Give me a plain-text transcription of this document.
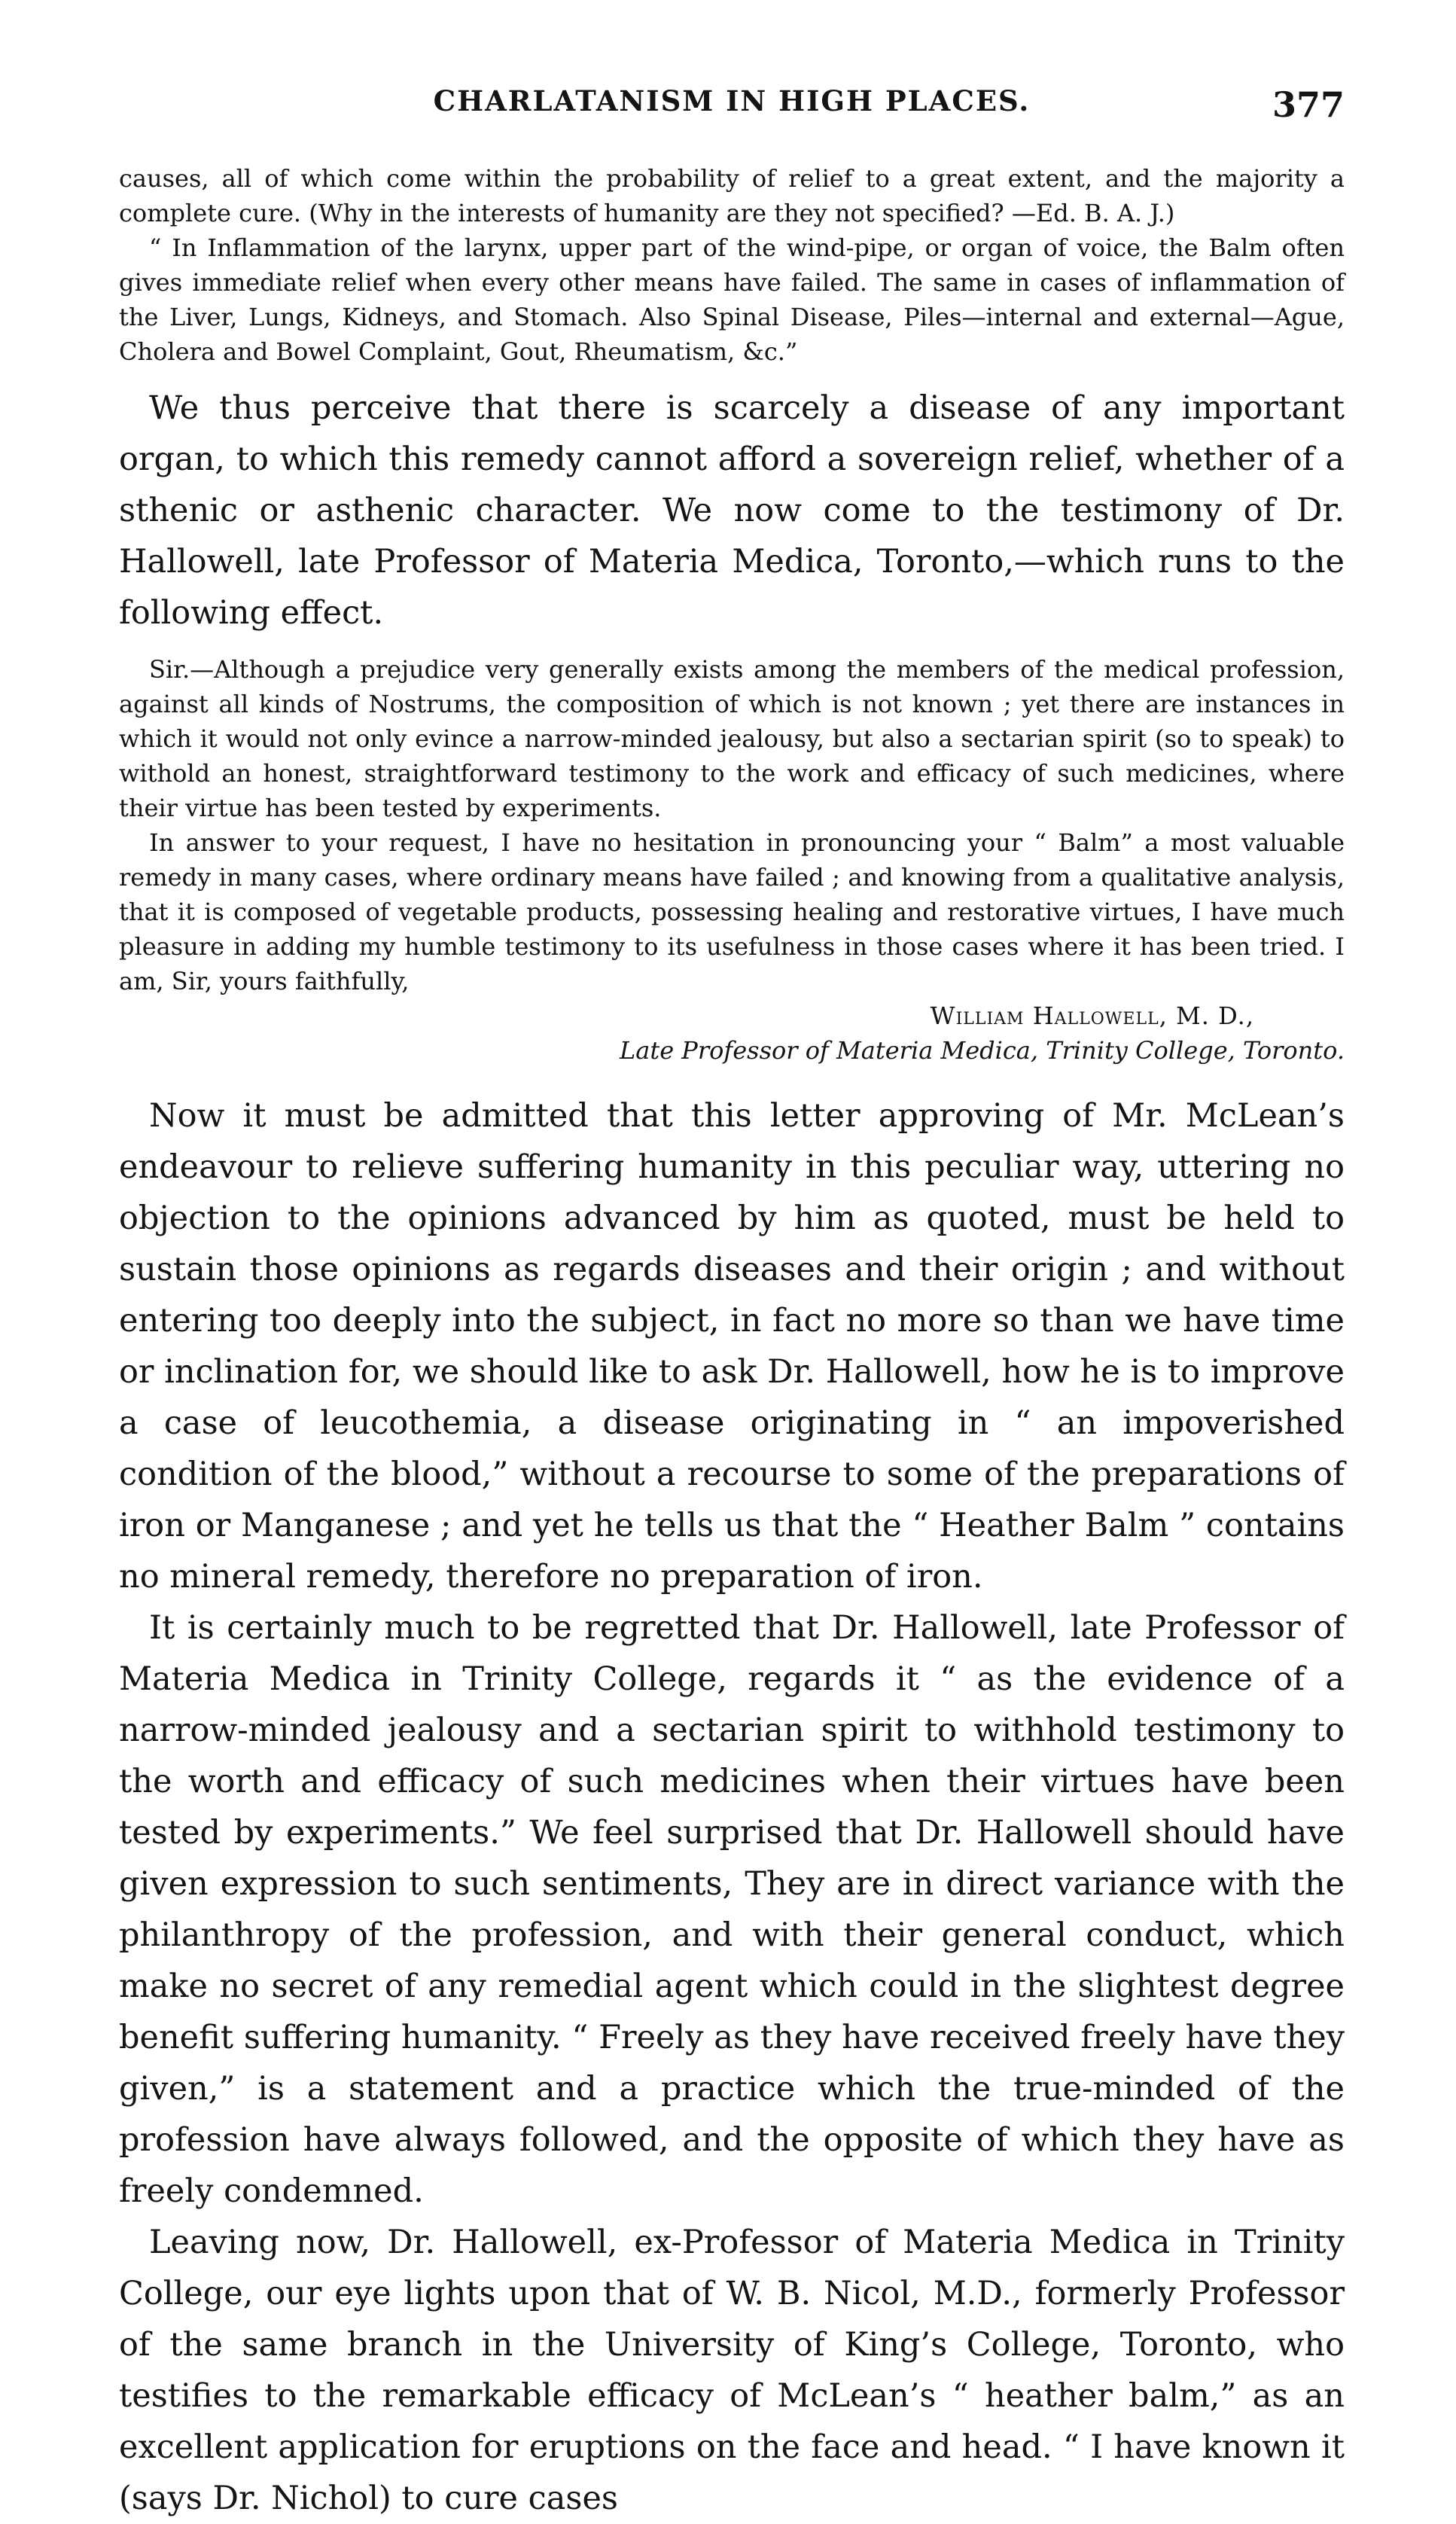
CHARLATANISM IN HIGH PLACES.	377

causes, all of which come within the probability of relief to a great extent, and the majority a complete cure. (Why in the interests of humanity are they not specified? —Ed. B. A. J.)

“ In Inflammation of the larynx, upper part of the wind-pipe, or organ of voice, the Balm often gives immediate relief when every other means have failed. The same in cases of inflammation of the Liver, Lungs, Kidneys, and Stomach. Also Spinal Disease, Piles—internal and external—Ague, Cholera and Bowel Complaint, Gout, Rheumatism, &c.”

We thus perceive that there is scarcely a disease of any important organ, to which this remedy cannot afford a sovereign relief, whether of a sthenic or asthenic character. We now come to the testimony of Dr. Hallowell, late Professor of Materia Medica, Toronto,—which runs to the following effect.

Sir.—Although a prejudice very generally exists among the members of the medical profession, against all kinds of Nostrums, the composition of which is not known ; yet there are instances in which it would not only evince a narrow-minded jealousy, but also a sectarian spirit (so to speak) to withold an honest, straightforward testimony to the work and efficacy of such medicines, where their virtue has been tested by experiments.

In answer to your request, I have no hesitation in pronouncing your “ Balm” a most valuable remedy in many cases, where ordinary means have failed ; and knowing from a qualitative analysis, that it is composed of vegetable products, possessing healing and restorative virtues, I have much pleasure in adding my humble testimony to its usefulness in those cases where it has been tried. I am, Sir, yours faithfully,

William Hallowell, M. D.,
Late Professor of Materia Medica, Trinity College, Toronto.

Now it must be admitted that this letter approving of Mr. McLean’s endeavour to relieve suffering humanity in this peculiar way, uttering no objection to the opinions advanced by him as quoted, must be held to sustain those opinions as regards diseases and their origin ; and without entering too deeply into the subject, in fact no more so than we have time or inclination for, we should like to ask Dr. Hallowell, how he is to improve a case of leucothemia, a disease originating in “ an impoverished condition of the blood,” without a recourse to some of the preparations of iron or Manganese ; and yet he tells us that the “ Heather Balm ” contains no mineral remedy, therefore no preparation of iron.

It is certainly much to be regretted that Dr. Hallowell, late Professor of Materia Medica in Trinity College, regards it “ as the evidence of a narrow-minded jealousy and a sectarian spirit to withhold testimony to the worth and efficacy of such medicines when their virtues have been tested by experiments.” We feel surprised that Dr. Hallowell should have given expression to such sentiments, They are in direct variance with the philanthropy of the profession, and with their general conduct, which make no secret of any remedial agent which could in the slightest degree benefit suffering humanity. “ Freely as they have received freely have they given,” is a statement and a practice which the true-minded of the profession have always followed, and the opposite of which they have as freely condemned.

Leaving now, Dr. Hallowell, ex-Professor of Materia Medica in Trinity College, our eye lights upon that of W. B. Nicol, M.D., formerly Professor of the same branch in the University of King’s College, Toronto, who testifies to the remarkable efficacy of McLean’s “ heather balm,” as an excellent application for eruptions on the face and head. “ I have known it (says Dr. Nichol) to cure cases
